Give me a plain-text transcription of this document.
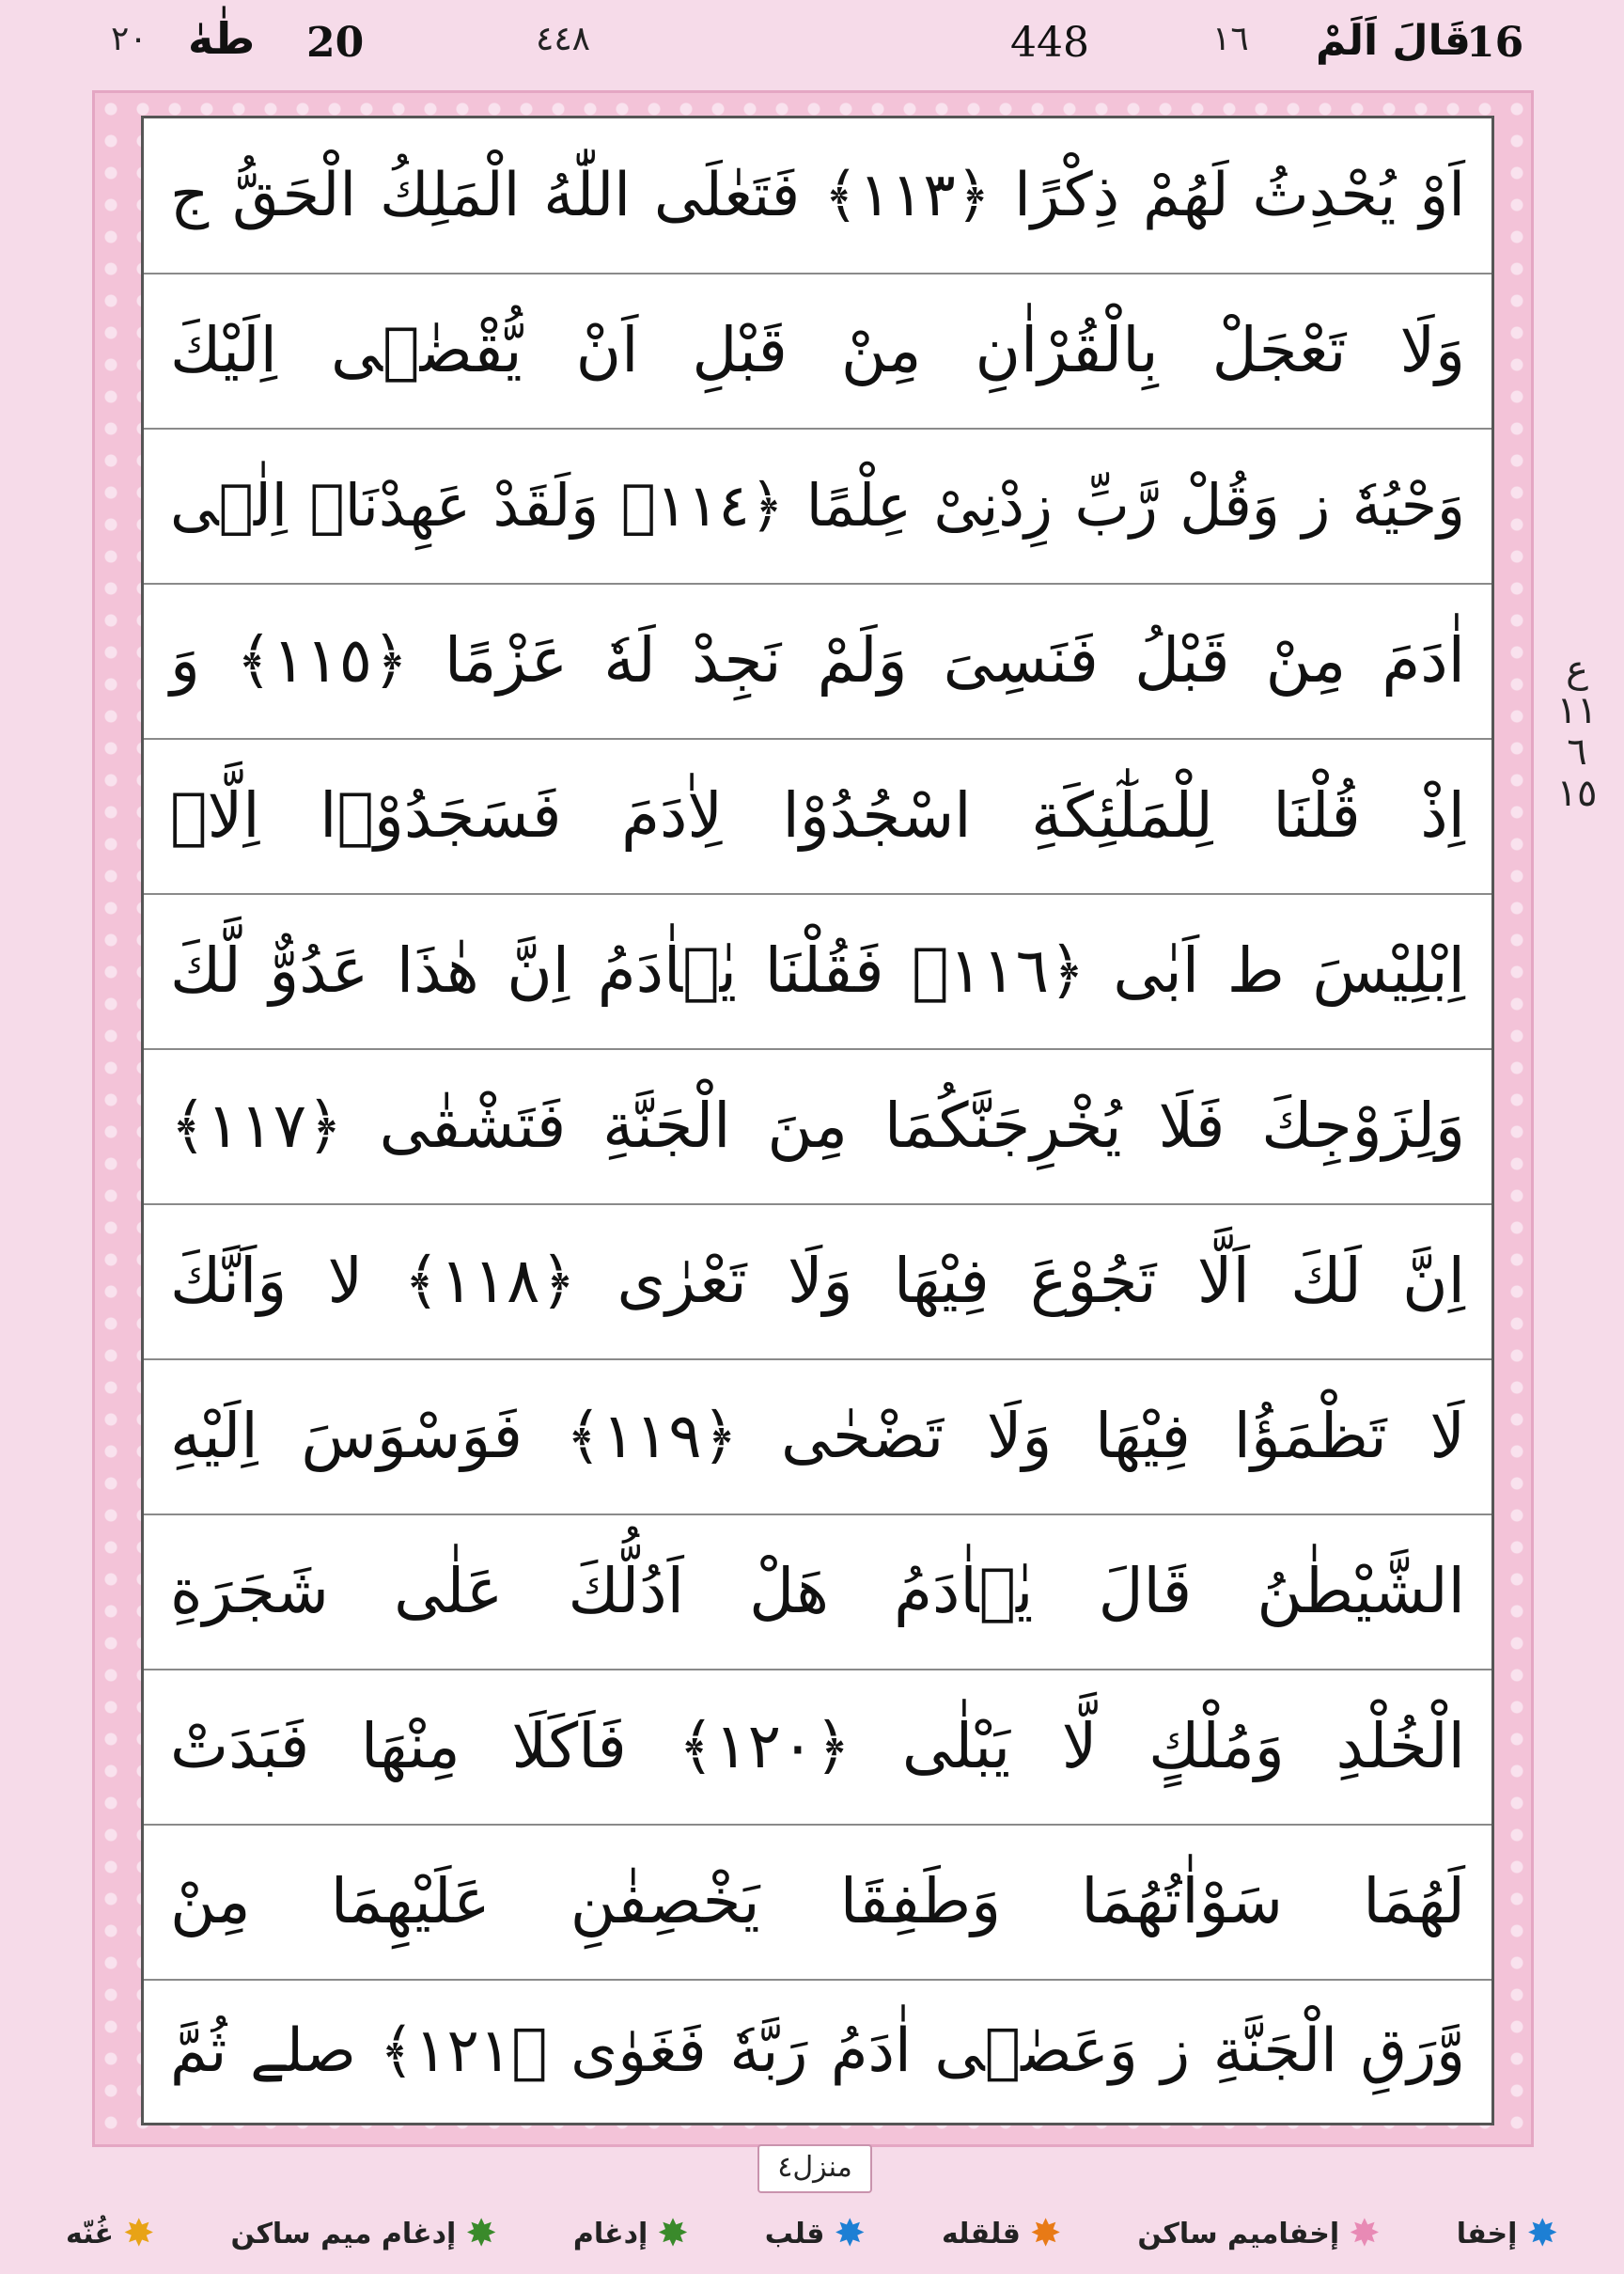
16
قَالَ اَلَمْ
١٦
448
٤٤٨
20
طٰهٰ
٢٠
اَوْ يُحْدِثُ لَهُمْ ذِكْرًا ﴿١١٣﴾ فَتَعٰلَى اللّٰهُ الْمَلِكُ الْحَقُّ ج
وَلَا تَعْجَلْ بِالْقُرْاٰنِ مِنْ قَبْلِ اَنْ يُّقْضٰۤى اِلَيْكَ
وَحْيُهٗ ز وَقُلْ رَّبِّ زِدْنِىْ عِلْمًا ﴿١١٤﴾ وَلَقَدْ عَهِدْنَاۤ اِلٰۤى
اٰدَمَ مِنْ قَبْلُ فَنَسِىَ وَلَمْ نَجِدْ لَهٗ عَزْمًا ﴿١١٥﴾ وَ
اِذْ قُلْنَا لِلْمَلٰٓئِكَةِ اسْجُدُوْا لِاٰدَمَ فَسَجَدُوْۤا اِلَّاۤ
اِبْلِيْسَ ط اَبٰى ﴿١١٦﴾ فَقُلْنَا يٰۤاٰدَمُ اِنَّ هٰذَا عَدُوٌّ لَّكَ
وَلِزَوْجِكَ فَلَا يُخْرِجَنَّكُمَا مِنَ الْجَنَّةِ فَتَشْقٰى ﴿١١٧﴾
اِنَّ لَكَ اَلَّا تَجُوْعَ فِيْهَا وَلَا تَعْرٰى ﴿١١٨﴾ لا وَاَنَّكَ
لَا تَظْمَؤُا فِيْهَا وَلَا تَضْحٰى ﴿١١٩﴾ فَوَسْوَسَ اِلَيْهِ
الشَّيْطٰنُ قَالَ يٰۤاٰدَمُ هَلْ اَدُلُّكَ عَلٰى شَجَرَةِ
الْخُلْدِ وَمُلْكٍ لَّا يَبْلٰى ﴿١٢٠﴾ فَاَكَلَا مِنْهَا فَبَدَتْ
لَهُمَا سَوْاٰتُهُمَا وَطَفِقَا يَخْصِفٰنِ عَلَيْهِمَا مِنْ
وَّرَقِ الْجَنَّةِ ز وَعَصٰۤى اٰدَمُ رَبَّهٗ فَغَوٰى ﴿١٢١﴾ صلے ثُمَّ
ع ١١ ٦ ١٥
منزل٤
✸
إخفا
✸
إخفاميم ساكن
✸
قلقله
✸
قلب
✸
إدغام
✸
إدغام ميم ساكن
✸
غُنّه
